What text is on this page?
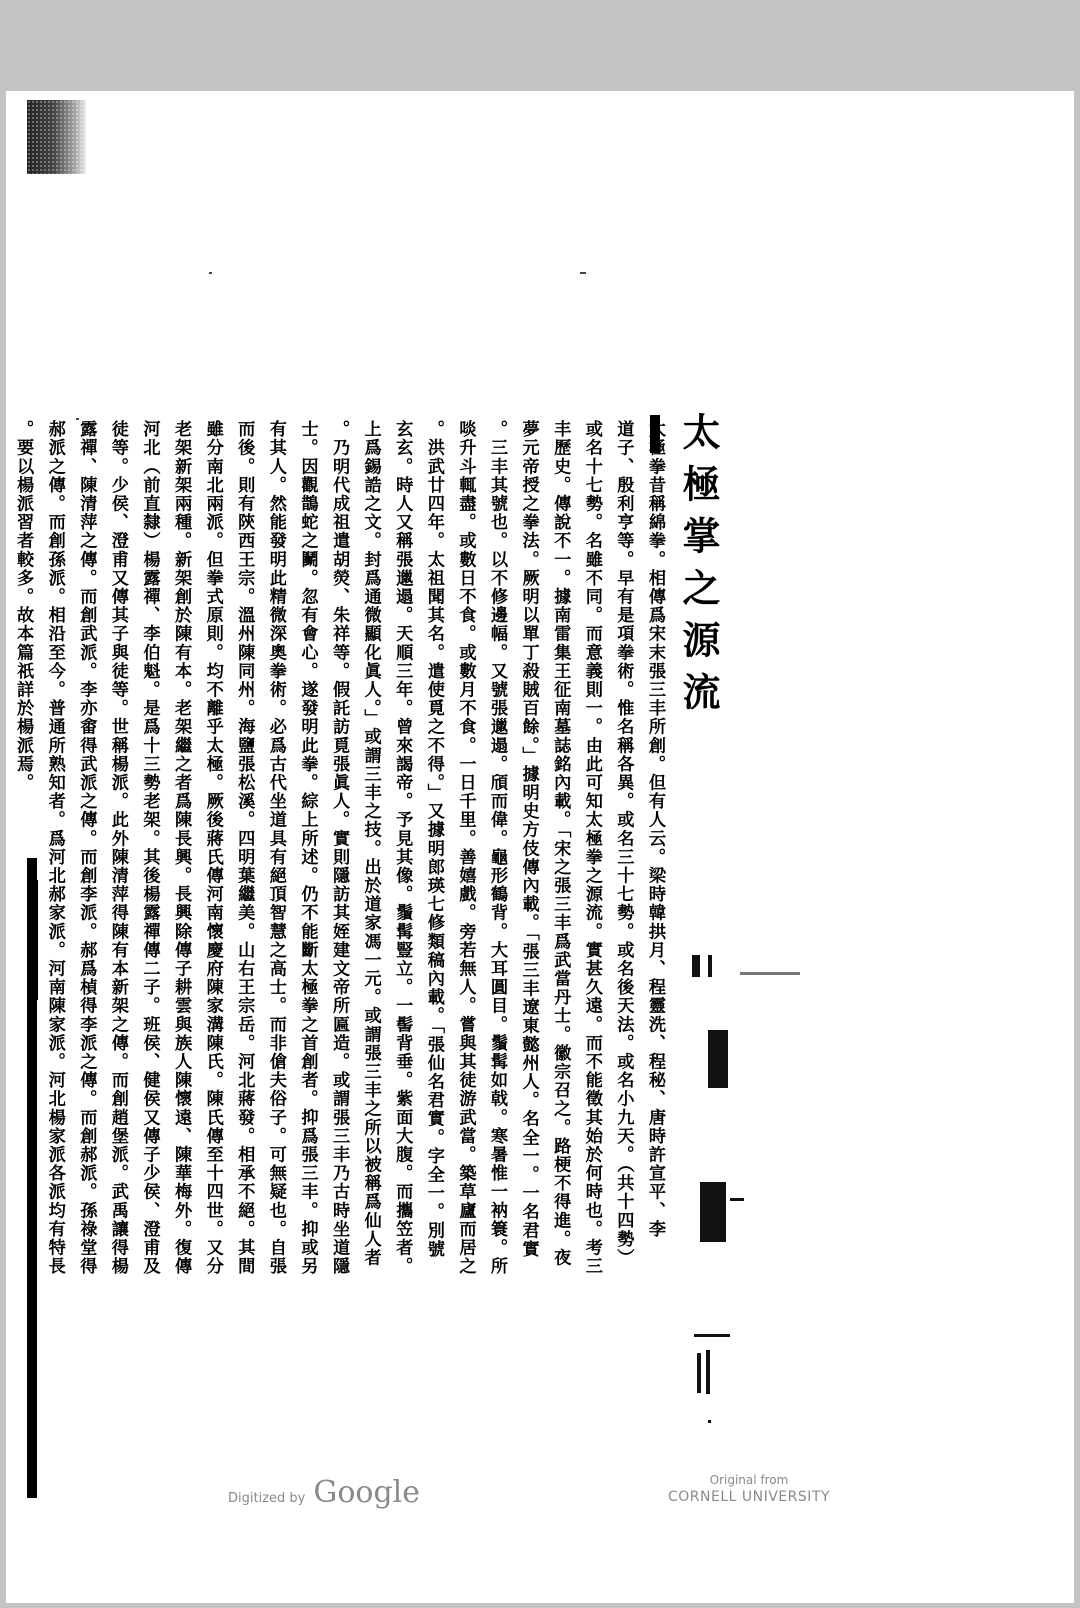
太極掌之源流
太極拳昔稱綿拳。相傳爲宋末張三丰所創。但有人云。梁時韓拱月、程靈洗、程秘、唐時許宣平、李
道子、殷利亨等。早有是項拳術。惟名稱各異。或名三十七勢。或名後天法。或名小九天。（共十四勢）
或名十七勢。名雖不同。而意義則一。由此可知太極拳之源流。實甚久遠。而不能徵其始於何時也。考三
丰歷史。傳說不一。據南雷集王征南墓誌銘內載。「宋之張三丰爲武當丹士。徽宗召之。路梗不得進。夜
夢元帝授之拳法。厥明以單丁殺賊百餘。」據明史方伎傳內載。「張三丰遼東懿州人。名全一。一名君實
。三丰其號也。以不修邊幅。又號張邋遢。頎而偉。龜形鶴背。大耳圓目。鬚髯如戟。寒暑惟一衲簑。所
啖升斗輒盡。或數日不食。或數月不食。一日千里。善嬉戲。旁若無人。嘗與其徒游武當。築草廬而居之
。洪武廿四年。太祖聞其名。遣使覓之不得。」又據明郎瑛七修類稿內載。「張仙名君實。字全一。別號
玄玄。時人又稱張邋遢。天順三年。曾來謁帝。予見其像。鬚髯豎立。一髻背垂。紫面大腹。而攜笠者。
上爲錫誥之文。封爲通微顯化眞人。」或謂三丰之技。出於道家馮一元。或謂張三丰之所以被稱爲仙人者
。乃明代成祖遣胡熒、朱祥等。假託訪覓張眞人。實則隱訪其姪建文帝所匾造。或謂張三丰乃古時坐道隱
士。因觀鵲蛇之鬭。忽有會心。遂發明此拳。綜上所述。仍不能斷太極拳之首創者。抑爲張三丰。抑或另
有其人。然能發明此精微深奧拳術。必爲古代坐道具有絕頂智慧之高士。而非傖夫俗子。可無疑也。自張
而後。則有陝西王宗。溫州陳同州。海鹽張松溪。四明葉繼美。山右王宗岳。河北蔣發。相承不絕。其間
雖分南北兩派。但拳式原則。均不離乎太極。厥後蔣氏傳河南懷慶府陳家溝陳氏。陳氏傳至十四世。又分
老架新架兩種。新架創於陳有本。老架繼之者爲陳長興。長興除傳子耕雲與族人陳懷遠、陳華梅外。復傳
河北（前直隸）楊露禪、李伯魁。是爲十三勢老架。其後楊露禪傳二子。班侯、健侯又傳子少侯、澄甫及
徒等。少侯、澄甫又傳其子與徒等。世稱楊派。此外陳清萍得陳有本新架之傳。而創趙堡派。武禹讓得楊
露禪、陳清萍之傳。而創武派。李亦畬得武派之傳。而創李派。郝爲楨得李派之傳。而創郝派。孫祿堂得
郝派之傳。而創孫派。相沿至今。普通所熟知者。爲河北郝家派。河南陳家派。河北楊家派各派均有特長
。要以楊派習者較多。故本篇祇詳於楊派焉。
Digitized by Google	Original from
CORNELL UNIVERSITY
